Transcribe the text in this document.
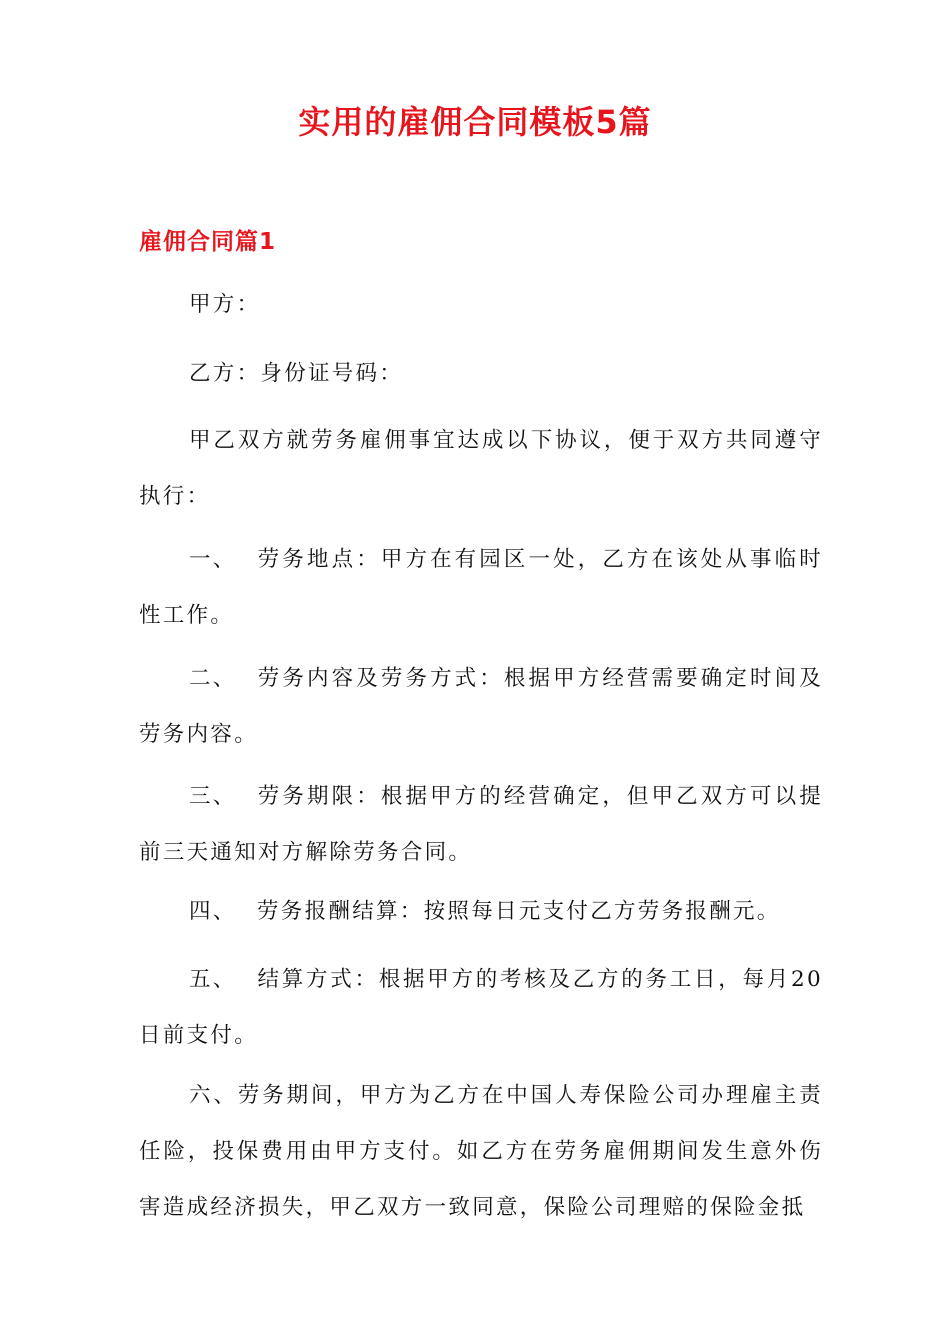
实用的雇佣合同模板5篇
雇佣合同篇1

甲方：

乙方：身份证号码：

甲乙双方就劳务雇佣事宜达成以下协议，便于双方共同遵守执行：

一、 劳务地点：甲方在有园区一处，乙方在该处从事临时性工作。

二、 劳务内容及劳务方式：根据甲方经营需要确定时间及劳务内容。

三、 劳务期限：根据甲方的经营确定，但甲乙双方可以提前三天通知对方解除劳务合同。

四、 劳务报酬结算：按照每日元支付乙方劳务报酬元。

五、 结算方式：根据甲方的考核及乙方的务工日，每月20日前支付。

六、劳务期间，甲方为乙方在中国人寿保险公司办理雇主责任险，投保费用由甲方支付。如乙方在劳务雇佣期间发生意外伤害造成经济损失，甲乙双方一致同意，保险公司理赔的保险金抵
